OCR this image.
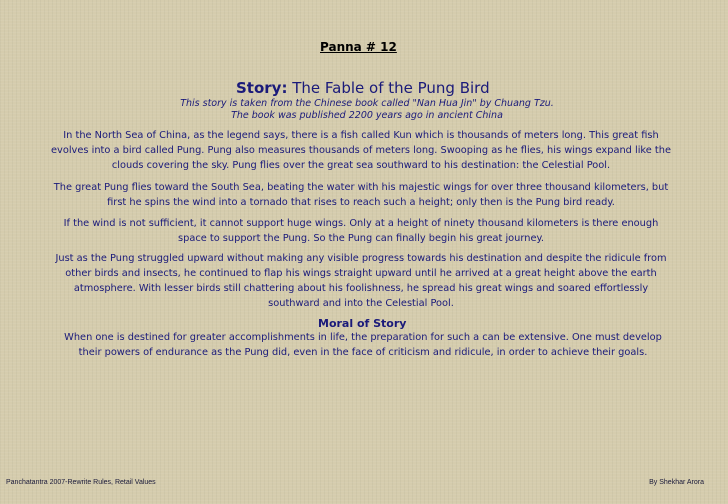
Panna # 12
Story: The Fable of the Pung Bird
This story is taken from the Chinese book called "Nan Hua Jin" by Chuang Tzu.
The book was published 2200 years ago in ancient China
In the North Sea of China, as the legend says, there is a fish called Kun which is thousands of meters long. This great fish evolves into a bird called Pung. Pung also measures thousands of meters long. Swooping as he flies, his wings expand like the clouds covering the sky. Pung flies over the great sea southward to his destination: the Celestial Pool.
The great Pung flies toward the South Sea, beating the water with his majestic wings for over three thousand kilometers, but first he spins the wind into a tornado that rises to reach such a height; only then is the Pung bird ready.
If the wind is not sufficient, it cannot support huge wings. Only at a height of ninety thousand kilometers is there enough space to support the Pung. So the Pung can finally begin his great journey.
Just as the Pung struggled upward without making any visible progress towards his destination and despite the ridicule from other birds and insects, he continued to flap his wings straight upward until he arrived at a great height above the earth atmosphere. With lesser birds still chattering about his foolishness, he spread his great wings and soared effortlessly southward and into the Celestial Pool.
Moral of Story
When one is destined for greater accomplishments in life, the preparation for such a can be extensive. One must develop their powers of endurance as the Pung did, even in the face of criticism and ridicule, in order to achieve their goals.
Panchatantra 2007-Rewrite Rules, Retail Values	By Shekhar Arora
